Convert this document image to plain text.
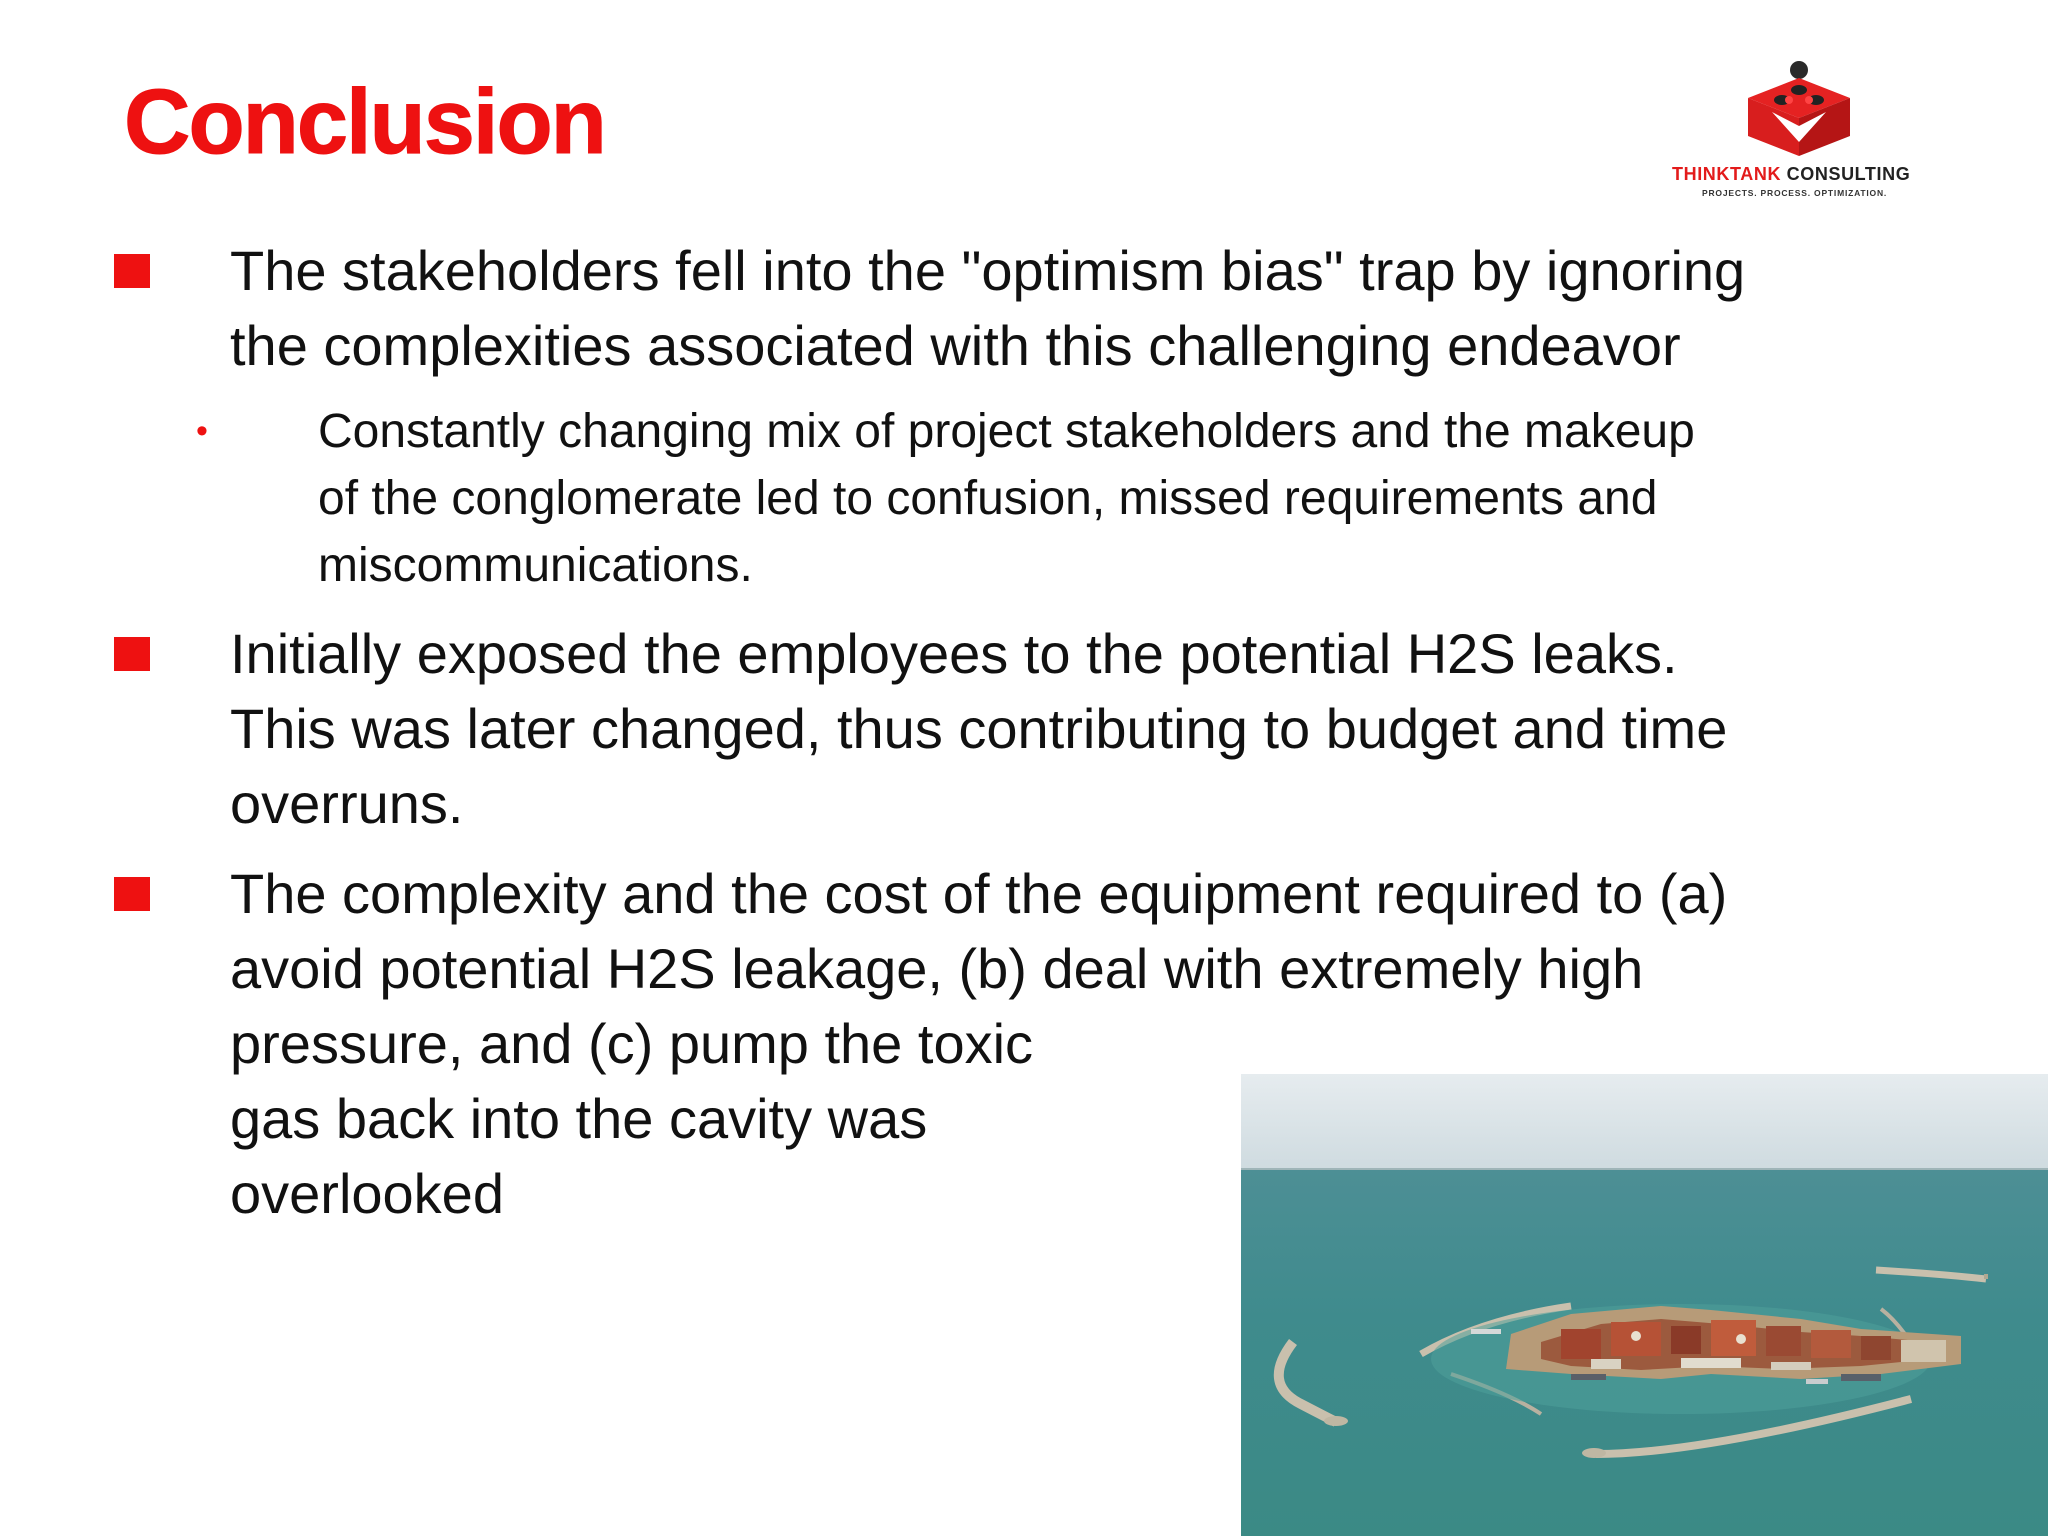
Conclusion
THINKTANK CONSULTING
PROJECTS. PROCESS. OPTIMIZATION.
The stakeholders fell into the "optimism bias" trap by ignoring
the complexities associated with this challenging endeavor
• Constantly changing mix of project stakeholders and the makeup
of the conglomerate led to confusion, missed requirements and
miscommunications.
Initially exposed the employees to the potential H2S leaks.
This was later changed, thus contributing to budget and time
overruns.
The complexity and the cost of the equipment required to (a)
avoid potential H2S leakage, (b) deal with extremely high
pressure, and (c) pump the toxic
gas back into the cavity was
overlooked
